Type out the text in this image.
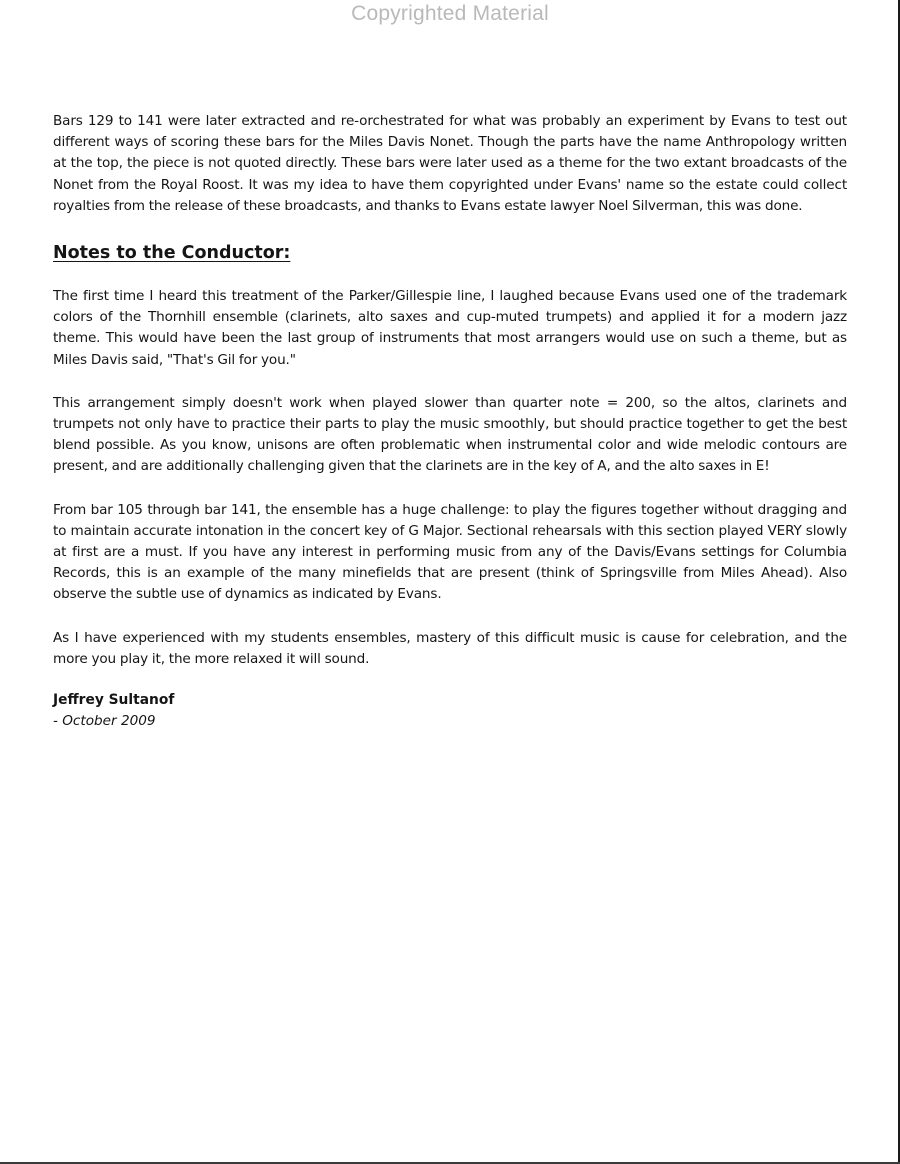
Copyrighted Material

Bars 129 to 141 were later extracted and re-orchestrated for what was probably an experiment by Evans to test out different ways of scoring these bars for the Miles Davis Nonet. Though the parts have the name Anthropology written at the top, the piece is not quoted directly. These bars were later used as a theme for the two extant broadcasts of the Nonet from the Royal Roost. It was my idea to have them copyrighted under Evans' name so the estate could collect royalties from the release of these broadcasts, and thanks to Evans estate lawyer Noel Silverman, this was done.

Notes to the Conductor:

The first time I heard this treatment of the Parker/Gillespie line, I laughed because Evans used one of the trademark colors of the Thornhill ensemble (clarinets, alto saxes and cup-muted trumpets) and applied it for a modern jazz theme. This would have been the last group of instruments that most arrangers would use on such a theme, but as Miles Davis said, "That's Gil for you."

This arrangement simply doesn't work when played slower than quarter note = 200, so the altos, clarinets and trumpets not only have to practice their parts to play the music smoothly, but should practice together to get the best blend possible. As you know, unisons are often problematic when instrumental color and wide melodic contours are present, and are additionally challenging given that the clarinets are in the key of A, and the alto saxes in E!

From bar 105 through bar 141, the ensemble has a huge challenge: to play the figures together without dragging and to maintain accurate intonation in the concert key of G Major. Sectional rehearsals with this section played VERY slowly at first are a must. If you have any interest in performing music from any of the Davis/Evans settings for Columbia Records, this is an example of the many minefields that are present (think of Springsville from Miles Ahead). Also observe the subtle use of dynamics as indicated by Evans.

As I have experienced with my students ensembles, mastery of this difficult music is cause for celebration, and the more you play it, the more relaxed it will sound.

Jeffrey Sultanof
- October 2009
